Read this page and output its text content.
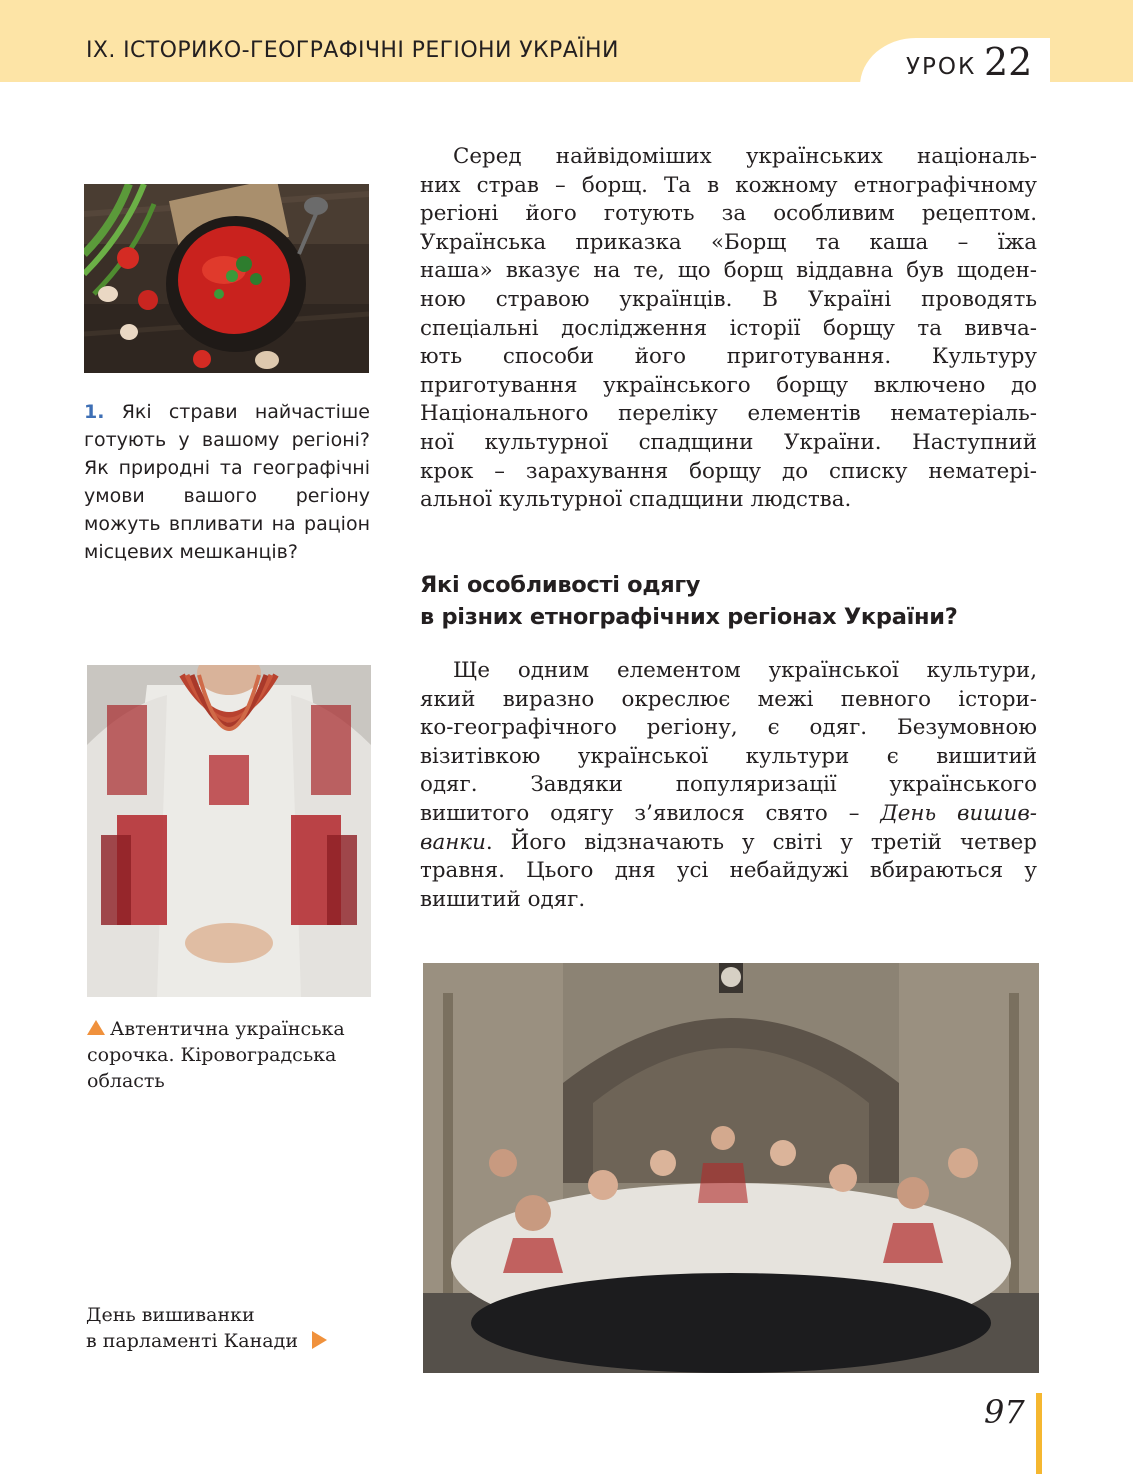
IX. ІСТОРИКО-ГЕОГРАФІЧНІ РЕГІОНИ УКРАЇНИ
УРОК 22
1. Які страви найчастіше
готують у вашому регіоні?
Як природні та географічні
умови вашого регіону
можуть впливати на раціон
місцевих мешканців?

Серед найвідоміших українських національ-
них страв – борщ. Та в кожному етнографічному
регіоні його готують за особливим рецептом.
Українська приказка «Борщ та каша – їжа
наша» вказує на те, що борщ віддавна був щоден-
ною стравою українців. В Україні проводять
спеціальні дослідження історії борщу та вивча-
ють способи його приготування. Культуру
приготування українського борщу включено до
Національного переліку елементів нематеріаль-
ної культурної спадщини України. Наступний
крок – зарахування борщу до списку нематері-
альної культурної спадщини людства.

Які особливості одягу
в різних етнографічних регіонах України?
Автентична українська
сорочка. Кіровоградська
область

Ще одним елементом української культури,
який виразно окреслює межі певного істори-
ко-географічного регіону, є одяг. Безумовною
візитівкою української культури є вишитий
одяг. Завдяки популяризації українського
вишитого одягу з’явилося свято – День вишив-
ванки. Його відзначають у світі у третій четвер
травня. Цього дня усі небайдужі вбираються у
вишитий одяг.

День вишиванки
в парламенті Канади
97
